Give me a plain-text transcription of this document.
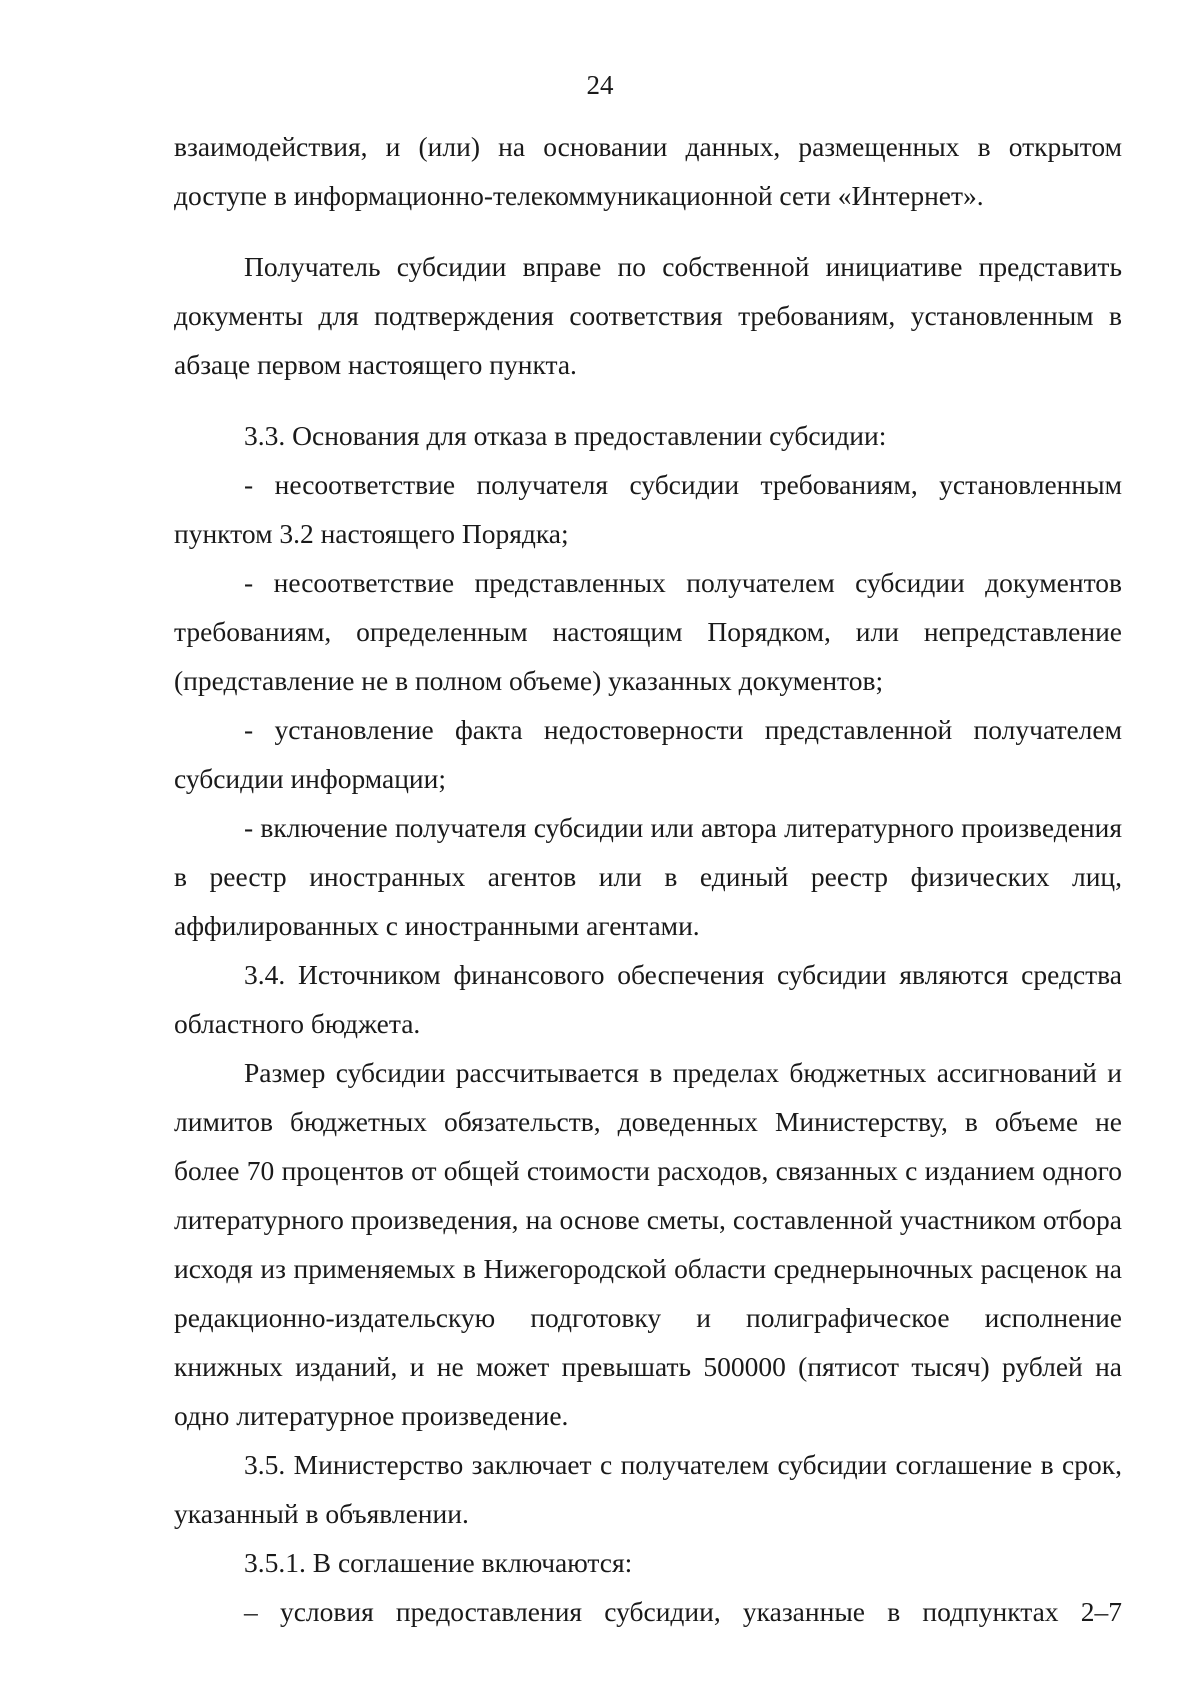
24

взаимодействия, и (или) на основании данных, размещенных в открытом доступе в информационно-телекоммуникационной сети «Интернет».

Получатель субсидии вправе по собственной инициативе представить документы для подтверждения соответствия требованиям, установленным в абзаце первом настоящего пункта.

3.3. Основания для отказа в предоставлении субсидии:

- несоответствие получателя субсидии требованиям, установленным пунктом 3.2 настоящего Порядка;

- несоответствие представленных получателем субсидии документов требованиям, определенным настоящим Порядком, или непредставление (представление не в полном объеме) указанных документов;

- установление факта недостоверности представленной получателем субсидии информации;

- включение получателя субсидии или автора литературного произведения в реестр иностранных агентов или в единый реестр физических лиц, аффилированных с иностранными агентами.

3.4. Источником финансового обеспечения субсидии являются средства областного бюджета.

Размер субсидии рассчитывается в пределах бюджетных ассигнований и лимитов бюджетных обязательств, доведенных Министерству, в объеме не более 70 процентов от общей стоимости расходов, связанных с изданием одного литературного произведения, на основе сметы, составленной участником отбора исходя из применяемых в Нижегородской области среднерыночных расценок на редакционно-издательскую подготовку и полиграфическое исполнение книжных изданий, и не может превышать 500000 (пятисот тысяч) рублей на одно литературное произведение.

3.5. Министерство заключает с получателем субсидии соглашение в срок, указанный в объявлении.

3.5.1. В соглашение включаются:

– условия предоставления субсидии, указанные в подпунктах 2–7
